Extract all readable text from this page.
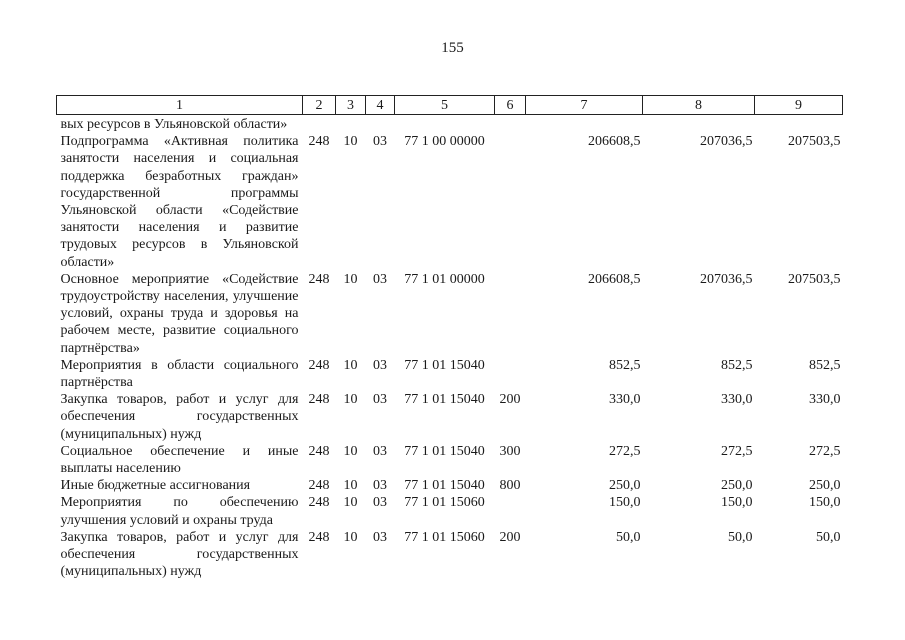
155
1	2	3	4	5	6	7	8	9
вых ресурсов в Ульяновской области»								
Подпрограмма «Активная политика занятости населения и социальная поддержка безработных граждан» государственной программы Ульяновской области «Содействие занятости населения и развитие трудовых ресурсов в Ульяновской области»	248	10	03	77 1 00 00000		206608,5	207036,5	207503,5
Основное мероприятие «Содействие трудоустройству населения, улучшение условий, охраны труда и здоровья на рабочем месте, развитие социального партнёрства»	248	10	03	77 1 01 00000		206608,5	207036,5	207503,5
Мероприятия в области социального партнёрства	248	10	03	77 1 01 15040		852,5	852,5	852,5
Закупка товаров, работ и услуг для обеспечения государственных (муниципальных) нужд	248	10	03	77 1 01 15040	200	330,0	330,0	330,0
Социальное обеспечение и иные выплаты населению	248	10	03	77 1 01 15040	300	272,5	272,5	272,5
Иные бюджетные ассигнования	248	10	03	77 1 01 15040	800	250,0	250,0	250,0
Мероприятия по обеспечению улучшения условий и охраны труда	248	10	03	77 1 01 15060		150,0	150,0	150,0
Закупка товаров, работ и услуг для обеспечения государственных (муниципальных) нужд	248	10	03	77 1 01 15060	200	50,0	50,0	50,0
